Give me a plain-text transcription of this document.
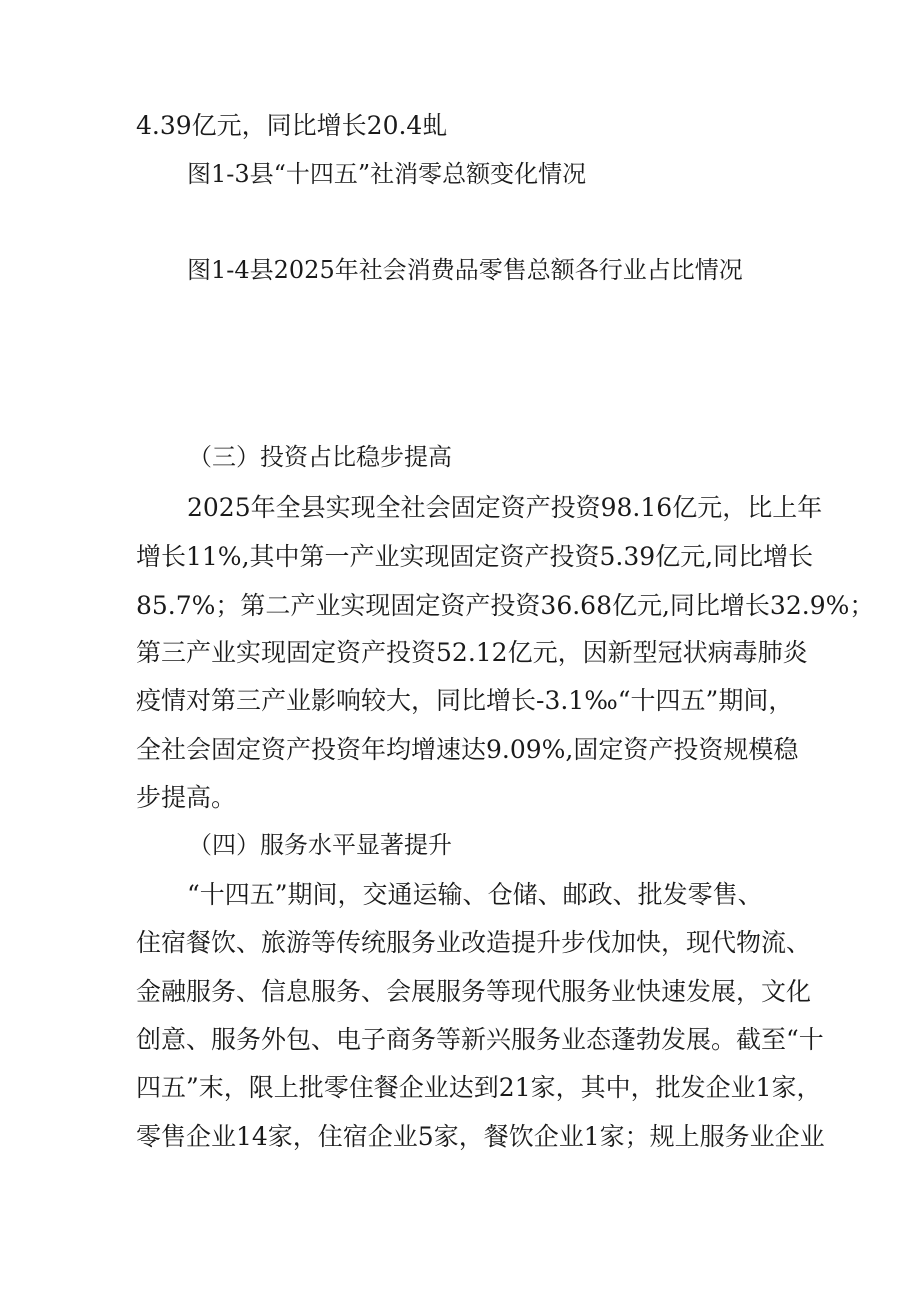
4.39亿元，同比增长20.4虬
图1-3县“十四五”社消零总额变化情况
图1-4县2025年社会消费品零售总额各行业占比情况
（三）投资占比稳步提高
2025年全县实现全社会固定资产投资98.16亿元，比上年
增长11%,其中第一产业实现固定资产投资5.39亿元,同比增长
85.7%；第二产业实现固定资产投资36.68亿元,同比增长32.9%；
第三产业实现固定资产投资52.12亿元，因新型冠状病毒肺炎
疫情对第三产业影响较大，同比增长-3.1‰“十四五”期间，
全社会固定资产投资年均增速达9.09%,固定资产投资规模稳
步提高。
（四）服务水平显著提升
“十四五”期间，交通运输、仓储、邮政、批发零售、
住宿餐饮、旅游等传统服务业改造提升步伐加快，现代物流、
金融服务、信息服务、会展服务等现代服务业快速发展，文化
创意、服务外包、电子商务等新兴服务业态蓬勃发展。截至“十
四五”末，限上批零住餐企业达到21家，其中，批发企业1家，
零售企业14家，住宿企业5家，餐饮企业1家；规上服务业企业
